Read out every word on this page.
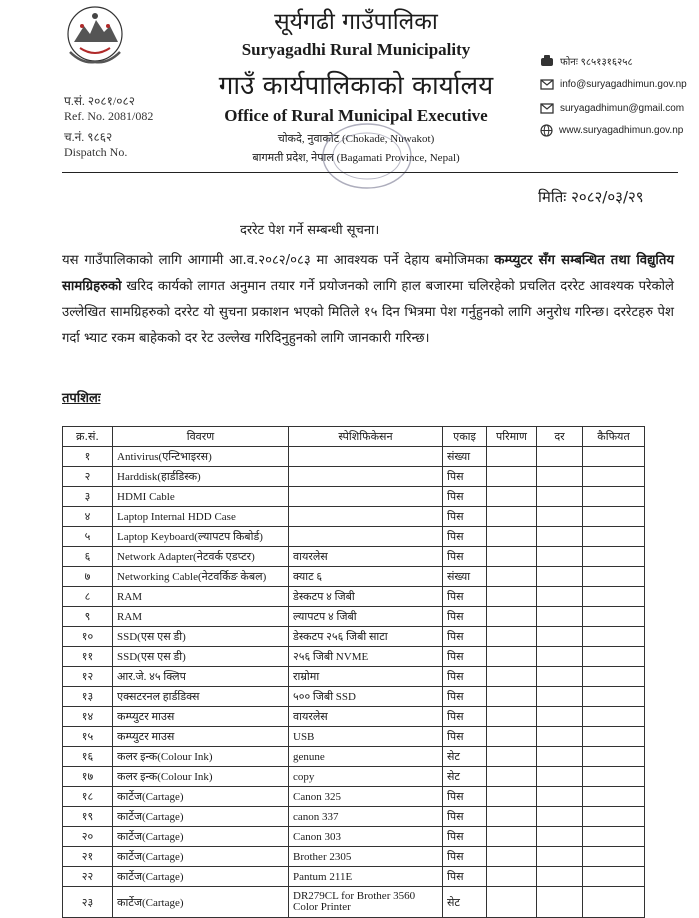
सूर्यगढी गाउँपालिका
Suryagadhi Rural Municipality
गाउँ कार्यपालिकाको कार्यालय
Office of Rural Municipal Executive
चोकदे, नुवाकोट (Chokade, Nuwakot)
बागमती प्रदेश, नेपाल (Bagamati Province, Nepal)
प.सं. २०८१/०८२
Ref. No. 2081/082
च.नं. ९८६२
Dispatch No.
फोनः ९८५१३१६२५८
info@suryagadhimun.gov.np
suryagadhimun@gmail.com
www.suryagadhimun.gov.np
मितिः २०८२/०३/२९
दररेट पेश गर्ने सम्बन्धी सूचना।
यस गाउँपालिकाको लागि आगामी आ.व.२०८२/०८३ मा आवश्यक पर्ने देहाय बमोजिमका कम्प्युटर सँग सम्बन्धित तथा विद्युतिय सामग्रिहरुको खरिद कार्यको लागत अनुमान तयार गर्ने प्रयोजनको लागि हाल बजारमा चलिरहेको प्रचलित दररेट आवश्यक परेकोले उल्लेखित सामग्रिहरुको दररेट यो सुचना प्रकाशन भएको मितिले १५ दिन भित्रमा पेश गर्नुहुनको लागि अनुरोध गरिन्छ। दररेटहरु पेश गर्दा भ्याट रकम बाहेकको दर रेट उल्लेख गरिदिनुहुनको लागि जानकारी गरिन्छ।
तपशिलः
क्र.सं.	विवरण	स्पेशिफिकेसन	एकाइ	परिमाण	दर	कैफियत
१	Antivirus(एन्टिभाइरस)		संख्या			
२	Harddisk(हार्डडिस्क)		पिस			
३	HDMI Cable		पिस			
४	Laptop Internal HDD Case		पिस			
५	Laptop Keyboard(ल्यापटप किबोर्ड)		पिस			
६	Network Adapter(नेटवर्क एडप्टर)	वायरलेस	पिस			
७	Networking Cable(नेटवर्किङ केबल)	क्याट ६	संख्या			
८	RAM	डेस्कटप ४ जिबी	पिस			
९	RAM	ल्यापटप ४ जिबी	पिस			
१०	SSD(एस एस डी)	डेस्कटप २५६ जिबी साटा	पिस			
११	SSD(एस एस डी)	२५६ जिबी NVME	पिस			
१२	आर.जे. ४५ क्लिप	राम्रोमा	पिस			
१३	एक्सटरनल हार्डडिक्स	५०० जिबी SSD	पिस			
१४	कम्प्युटर माउस	वायरलेस	पिस			
१५	कम्प्युटर माउस	USB	पिस			
१६	कलर इन्क(Colour Ink)	genune	सेट			
१७	कलर इन्क(Colour Ink)	copy	सेट			
१८	कार्टेज(Cartage)	Canon 325	पिस			
१९	कार्टेज(Cartage)	canon 337	पिस			
२०	कार्टेज(Cartage)	Canon 303	पिस			
२१	कार्टेज(Cartage)	Brother 2305	पिस			
२२	कार्टेज(Cartage)	Pantum 211E	पिस			
२३	कार्टेज(Cartage)	DR279CL for Brother 3560 Color Printer	सेट			
